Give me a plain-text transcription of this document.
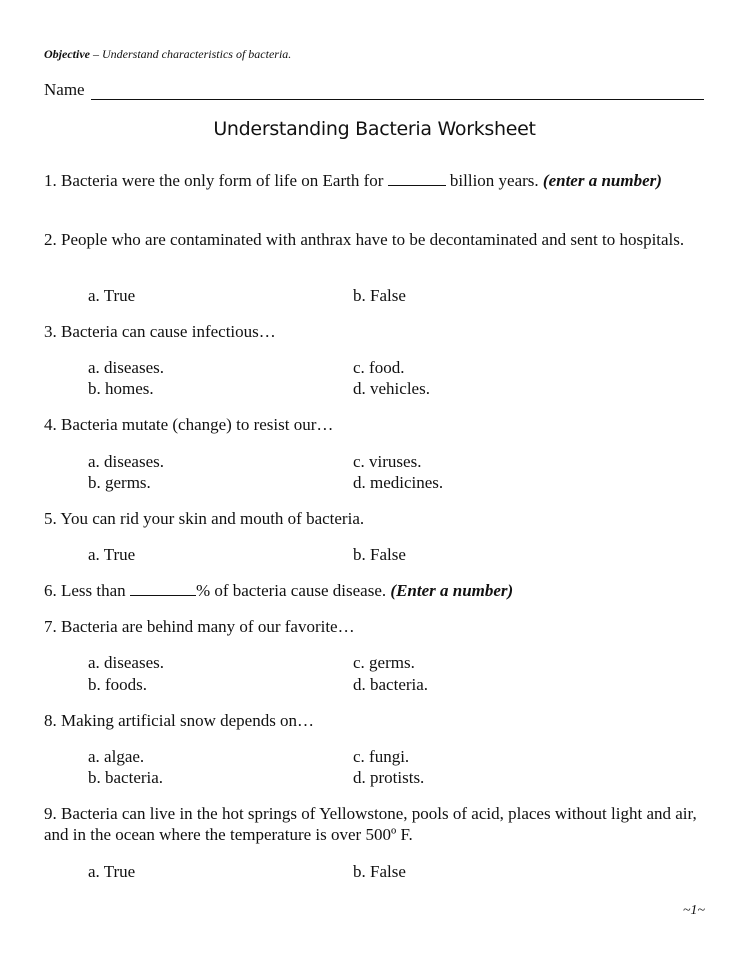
Objective – Understand characteristics of bacteria.
Name
Understanding Bacteria Worksheet
1. Bacteria were the only form of life on Earth for	billion years. (enter a number)
2. People who are contaminated with anthrax have to be decontaminated and sent to hospitals.
a. True	b. False
3. Bacteria can cause infectious…
a. diseases.
b. homes.
c. food.
d. vehicles.
4. Bacteria mutate (change) to resist our…
a. diseases.
b. germs.
c. viruses.
d. medicines.
5. You can rid your skin and mouth of bacteria.
a. True	b. False
6. Less than	% of bacteria cause disease. (Enter a number)
7. Bacteria are behind many of our favorite…
a. diseases.
b. foods.
c. germs.
d. bacteria.
8. Making artificial snow depends on…
a. algae.
b. bacteria.
c. fungi.
d. protists.
9. Bacteria can live in the hot springs of Yellowstone, pools of acid, places without light and air, and in the ocean where the temperature is over 500º F.
a. True	b. False
~1~
